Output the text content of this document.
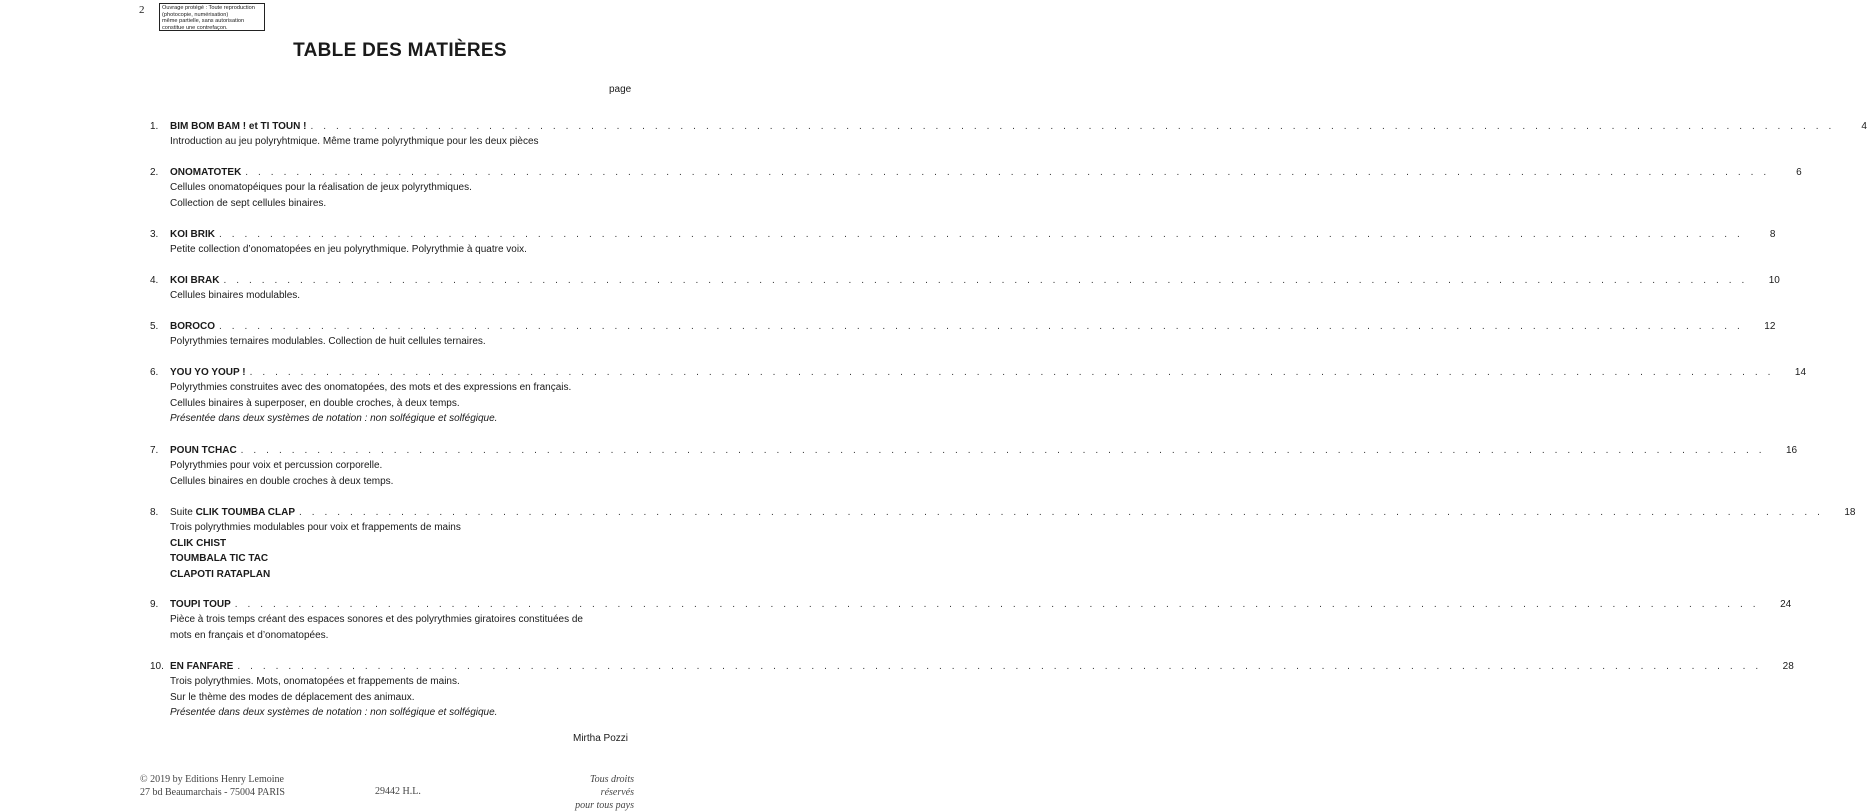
2	Ouvrage protégé : Toute reproduction
(photocopie, numérisation)
même partielle, sans autorisation
constitue une contrefaçon.
TABLE DES MATIÈRES
page
1.	BIM BOM BAM ! et TI TOUN ! . . . . . . . . . . . . . . . . . . . . . . . . . . . . . . . . . . . . . . . . . . . . . . . . . . . . . . . . . . . . . . . . . . . . . . . . . . . . . . . . . . . . . . . . . . . . . . . . . . . . . . . . . . . . . . . . . . . . . . . .	4
Introduction au jeu polyryhtmique. Même trame polyrythmique pour les deux pièces
2.	ONOMATOTEK . . . . . . . . . . . . . . . . . . . . . . . . . . . . . . . . . . . . . . . . . . . . . . . . . . . . . . . . . . . . . . . . . . . . . . . . . . . . . . . . . . . . . . . . . . . . . . . . . . . . . . . . . . . . . . . . . . . . . . . .	6
Cellules onomatopéiques pour la réalisation de jeux polyrythmiques.
Collection de sept cellules binaires.
3.	KOI BRIK . . . . . . . . . . . . . . . . . . . . . . . . . . . . . . . . . . . . . . . . . . . . . . . . . . . . . . . . . . . . . . . . . . . . . . . . . . . . . . . . . . . . . . . . . . . . . . . . . . . . . . . . . . . . . . . . . . . . . . . .	8
Petite collection d’onomatopées en jeu polyrythmique. Polyrythmie à quatre voix.
4.	KOI BRAK . . . . . . . . . . . . . . . . . . . . . . . . . . . . . . . . . . . . . . . . . . . . . . . . . . . . . . . . . . . . . . . . . . . . . . . . . . . . . . . . . . . . . . . . . . . . . . . . . . . . . . . . . . . . . . . . . . . . . . . .	10
Cellules binaires modulables.
5.	BOROCO . . . . . . . . . . . . . . . . . . . . . . . . . . . . . . . . . . . . . . . . . . . . . . . . . . . . . . . . . . . . . . . . . . . . . . . . . . . . . . . . . . . . . . . . . . . . . . . . . . . . . . . . . . . . . . . . . . . . . . . .	12
Polyrythmies ternaires modulables. Collection de huit cellules ternaires.
6.	YOU YO YOUP ! . . . . . . . . . . . . . . . . . . . . . . . . . . . . . . . . . . . . . . . . . . . . . . . . . . . . . . . . . . . . . . . . . . . . . . . . . . . . . . . . . . . . . . . . . . . . . . . . . . . . . . . . . . . . . . . . . . . . . . . .	14
Polyrythmies construites avec des onomatopées, des mots et des expressions en français.
Cellules binaires à superposer, en double croches, à deux temps.
Présentée dans deux systèmes de notation : non solfégique et solfégique.
7.	POUN TCHAC . . . . . . . . . . . . . . . . . . . . . . . . . . . . . . . . . . . . . . . . . . . . . . . . . . . . . . . . . . . . . . . . . . . . . . . . . . . . . . . . . . . . . . . . . . . . . . . . . . . . . . . . . . . . . . . . . . . . . . . .	16
Polyrythmies pour voix et percussion corporelle.
Cellules binaires en double croches à deux temps.
8.	Suite CLIK TOUMBA CLAP . . . . . . . . . . . . . . . . . . . . . . . . . . . . . . . . . . . . . . . . . . . . . . . . . . . . . . . . . . . . . . . . . . . . . . . . . . . . . . . . . . . . . . . . . . . . . . . . . . . . . . . . . . . . . . . . . . . . . . . .	18
Trois polyrythmies modulables pour voix et frappements de mains
CLIK CHIST
TOUMBALA TIC TAC
CLAPOTI RATAPLAN
9.	TOUPI TOUP . . . . . . . . . . . . . . . . . . . . . . . . . . . . . . . . . . . . . . . . . . . . . . . . . . . . . . . . . . . . . . . . . . . . . . . . . . . . . . . . . . . . . . . . . . . . . . . . . . . . . . . . . . . . . . . . . . . . . . . .	24
Pièce à trois temps créant des espaces sonores et des polyrythmies giratoires constituées de
mots en français et d’onomatopées.
10. EN FANFARE . . . . . . . . . . . . . . . . . . . . . . . . . . . . . . . . . . . . . . . . . . . . . . . . . . . . . . . . . . . . . . . . . . . . . . . . . . . . . . . . . . . . . . . . . . . . . . . . . . . . . . . . . . . . . . . . . . . . . . . .	28
Trois polyrythmies. Mots, onomatopées et frappements de mains.
Sur le thème des modes de déplacement des animaux.
Présentée dans deux systèmes de notation : non solfégique et solfégique.
Mirtha Pozzi
© 2019 by Editions Henry Lemoine
27 bd Beaumarchais - 75004 PARIS	29442 H.L.
Tous droits réservés
pour tous pays
